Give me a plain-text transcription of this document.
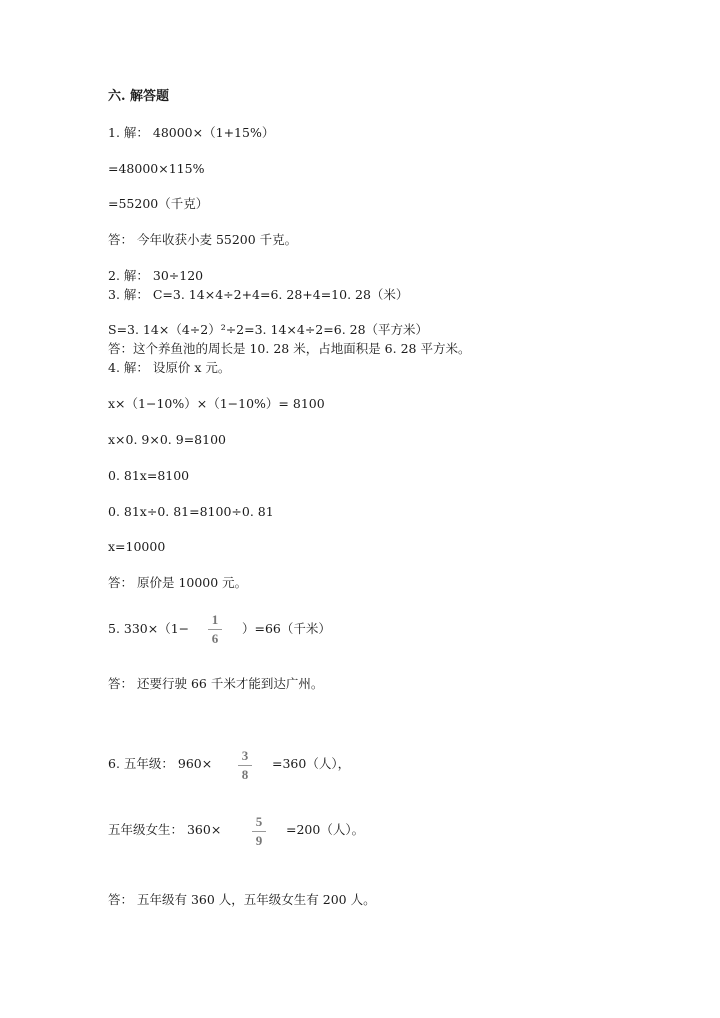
六. 解答题
1. 解： 48000×（1+15%）
=48000×115%
=55200（千克）
答： 今年收获小麦 55200 千克。
2. 解： 30÷120
3. 解： C=3. 14×4÷2+4=6. 28+4=10. 28（米）
S=3. 14×（4÷2）²÷2=3. 14×4÷2=6. 28（平方米）
答：这个养鱼池的周长是 10. 28 米，占地面积是 6. 28 平方米。
4. 解： 设原价 x 元。
x×（1−10%）×（1−10%）= 8100
x×0. 9×0. 9=8100
0. 81x=8100
0. 81x÷0. 81=8100÷0. 81
x=10000
答： 原价是 10000 元。
5. 330×（1−
1
6
）=66（千米）
答： 还要行驶 66 千米才能到达广州。
6. 五年级： 960×
3
8
=360（人），
五年级女生： 360×
5
9
=200（人）。
答： 五年级有 360 人，五年级女生有 200 人。
